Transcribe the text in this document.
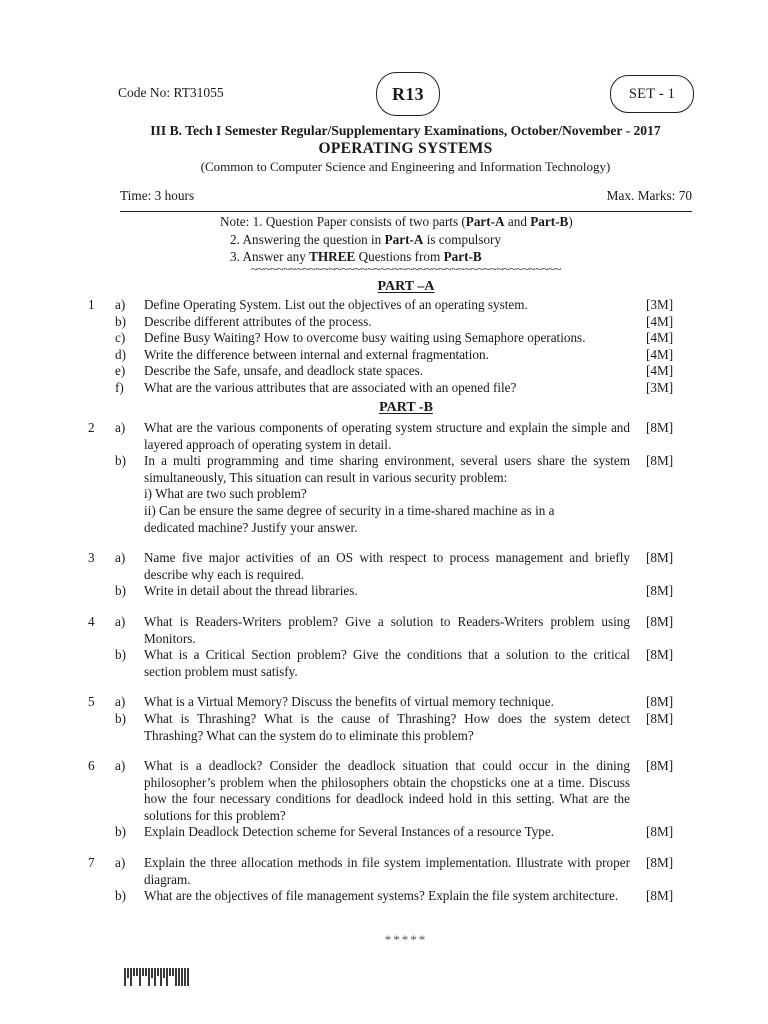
Code No: RT31055	R13	SET - 1
III B. Tech I Semester Regular/Supplementary Examinations, October/November - 2017
OPERATING SYSTEMS
(Common to Computer Science and Engineering and Information Technology)
Time: 3 hours	Max. Marks: 70
Note: 1. Question Paper consists of two parts (Part-A and Part-B)
2. Answering the question in Part-A is compulsory
3. Answer any THREE Questions from Part-B
~~~~~~~~~~~~~~~~~~~~~~~~~~~~~~~~~~~~~~~~~~~~~~~~
PART –A
1	a)	Define Operating System. List out the objectives of an operating system.	[3M]
b)	Describe different attributes of the process.	[4M]
c)	Define Busy Waiting? How to overcome busy waiting using Semaphore operations.	[4M]
d)	Write the difference between internal and external fragmentation.	[4M]
e)	Describe the Safe, unsafe, and deadlock state spaces.	[4M]
f)	What are the various attributes that are associated with an opened file?	[3M]
PART -B
2	a)	What are the various components of operating system structure and explain the simple and layered approach of operating system in detail.
[8M]
b)	In a multi programming and time sharing environment, several users share the system simultaneously, This situation can result in various security problem:
i) What are two such problem?
ii) Can be ensure the same degree of security in a time-shared machine as in a
dedicated machine? Justify your answer.
[8M]
3	a)	Name five major activities of an OS with respect to process management and briefly describe why each is required.
[8M]
b)	Write in detail about the thread libraries.	[8M]
4	a)	What is Readers-Writers problem? Give a solution to Readers-Writers problem using Monitors.
[8M]
b)	What is a Critical Section problem? Give the conditions that a solution to the critical section problem must satisfy.
[8M]
5	a)	What is a Virtual Memory? Discuss the benefits of virtual memory technique.	[8M]
b)	What is Thrashing? What is the cause of Thrashing? How does the system detect Thrashing? What can the system do to eliminate this problem?
[8M]
6	a)	What is a deadlock? Consider the deadlock situation that could occur in the dining philosopher’s problem when the philosophers obtain the chopsticks one at a time. Discuss how the four necessary conditions for deadlock indeed hold in this setting. What are the solutions for this problem?
[8M]
b)	Explain Deadlock Detection scheme for Several Instances of a resource Type.	[8M]
7	a)	Explain the three allocation methods in file system implementation. Illustrate with proper diagram.
[8M]
b)	What are the objectives of file management systems? Explain the file system architecture.	[8M]
*****
